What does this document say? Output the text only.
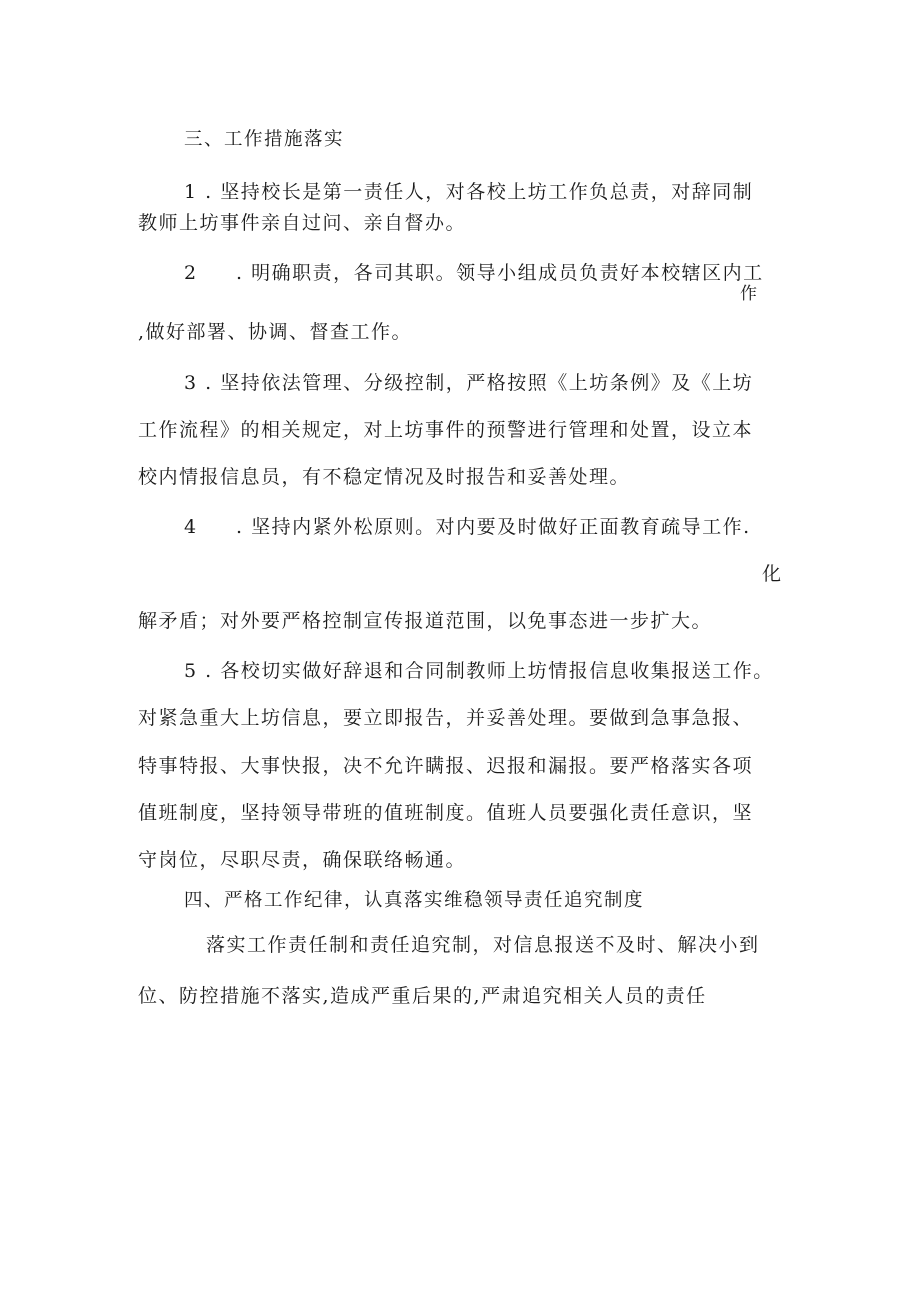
三、工作措施落实
1 . 坚持校长是第一责任人，对各校上坊工作负总责，对辞同制
教师上坊事件亲自过问、亲自督办。
2 . 明确职责，各司其职。领导小组成员负责好本校辖区内工
作
,做好部署、协调、督查工作。
3 . 坚持依法管理、分级控制，严格按照《上坊条例》及《上坊
工作流程》的相关规定，对上坊事件的预警进行管理和处置，设立本
校内情报信息员，有不稳定情况及时报告和妥善处理。
4 . 坚持内紧外松原则。对内要及时做好正面教育疏导工作.
化
解矛盾；对外要严格控制宣传报道范围，以免事态进一步扩大。
5 . 各校切实做好辞退和合同制教师上坊情报信息收集报送工作。
对紧急重大上坊信息，要立即报告，并妥善处理。要做到急事急报、
特事特报、大事快报，决不允许瞒报、迟报和漏报。要严格落实各项
值班制度，坚持领导带班的值班制度。值班人员要强化责任意识，坚
守岗位，尽职尽责，确保联络畅通。
四、严格工作纪律，认真落实维稳领导责任追究制度
落实工作责任制和责任追究制，对信息报送不及时、解决小到
位、防控措施不落实,造成严重后果的,严肃追究相关人员的责任
